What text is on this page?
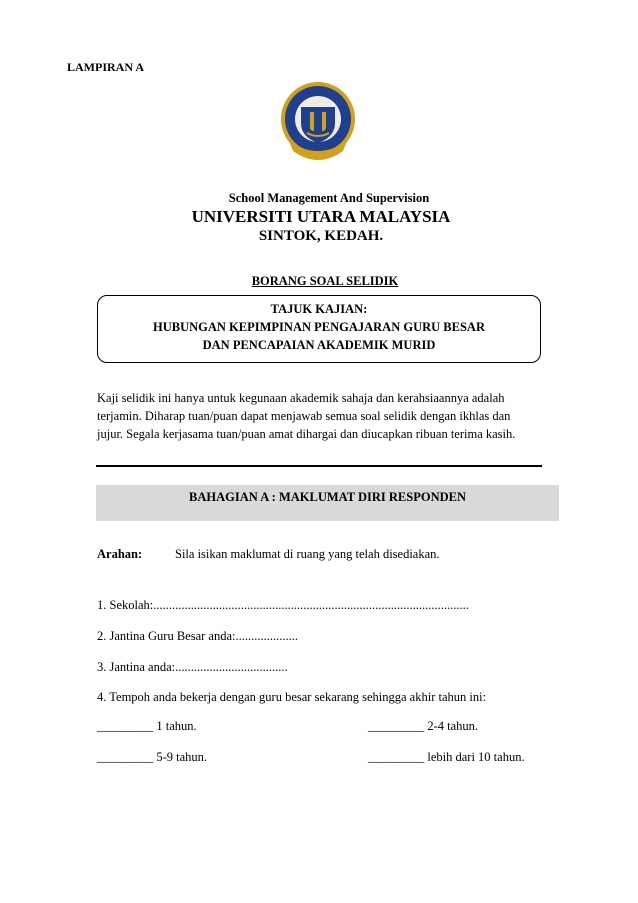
LAMPIRAN A
School Management And Supervision
UNIVERSITI UTARA MALAYSIA
SINTOK, KEDAH.
BORANG SOAL SELIDIK
TAJUK KAJIAN:
HUBUNGAN KEPIMPINAN PENGAJARAN GURU BESAR
DAN PENCAPAIAN AKADEMIK MURID
Kaji selidik ini hanya untuk kegunaan akademik sahaja dan kerahsiaannya adalah
terjamin. Diharap tuan/puan dapat menjawab semua soal selidik dengan ikhlas dan
jujur. Segala kerjasama tuan/puan amat dihargai dan diucapkan ribuan terima kasih.
BAHAGIAN A : MAKLUMAT DIRI RESPONDEN
Arahan:	Sila isikan maklumat di ruang yang telah disediakan.
1. Sekolah:.....................................................................................................
2. Jantina Guru Besar anda:....................
3. Jantina anda:....................................
4. Tempoh anda bekerja dengan guru besar sekarang sehingga akhir tahun ini:
_________ 1 tahun.	_________ 2-4 tahun.
_________ 5-9 tahun.	_________ lebih dari 10 tahun.
